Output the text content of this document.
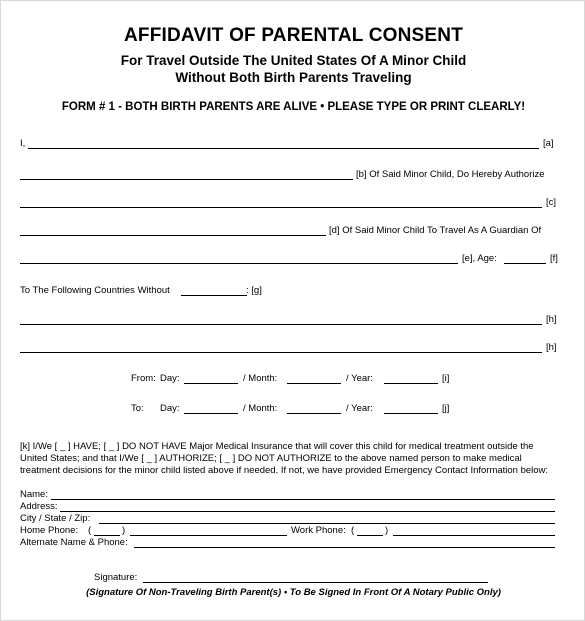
AFFIDAVIT OF PARENTAL CONSENT
For Travel Outside The United States Of A Minor Child
Without Both Birth Parents Traveling
FORM # 1 - BOTH BIRTH PARENTS ARE ALIVE • PLEASE TYPE OR PRINT CLEARLY!
I,	[a]
[b] Of Said Minor Child, Do Hereby Authorize
[c]
[d] Of Said Minor Child To Travel As A Guardian Of
[e], Age:	[f]
To The Following Countries Without	: [g]
[h]
[h]
From: Day:	/ Month:	/ Year:	[i]
To: Day:	/ Month:	/ Year:	[j]
[k] I/We [ _ ] HAVE; [ _ ] DO NOT HAVE Major Medical Insurance that will cover this child for medical treatment outside the United States; and that I/We [ _ ] AUTHORIZE; [ _ ] DO NOT AUTHORIZE to the above named person to make medical treatment decisions for the minor child listed above if needed. If not, we have provided Emergency Contact Information below:
Name:
Address:
City / State / Zip:
Home Phone: (	)	Work Phone: (	)
Alternate Name & Phone:
Signature:
(Signature Of Non-Traveling Birth Parent(s) • To Be Signed In Front Of A Notary Public Only)
